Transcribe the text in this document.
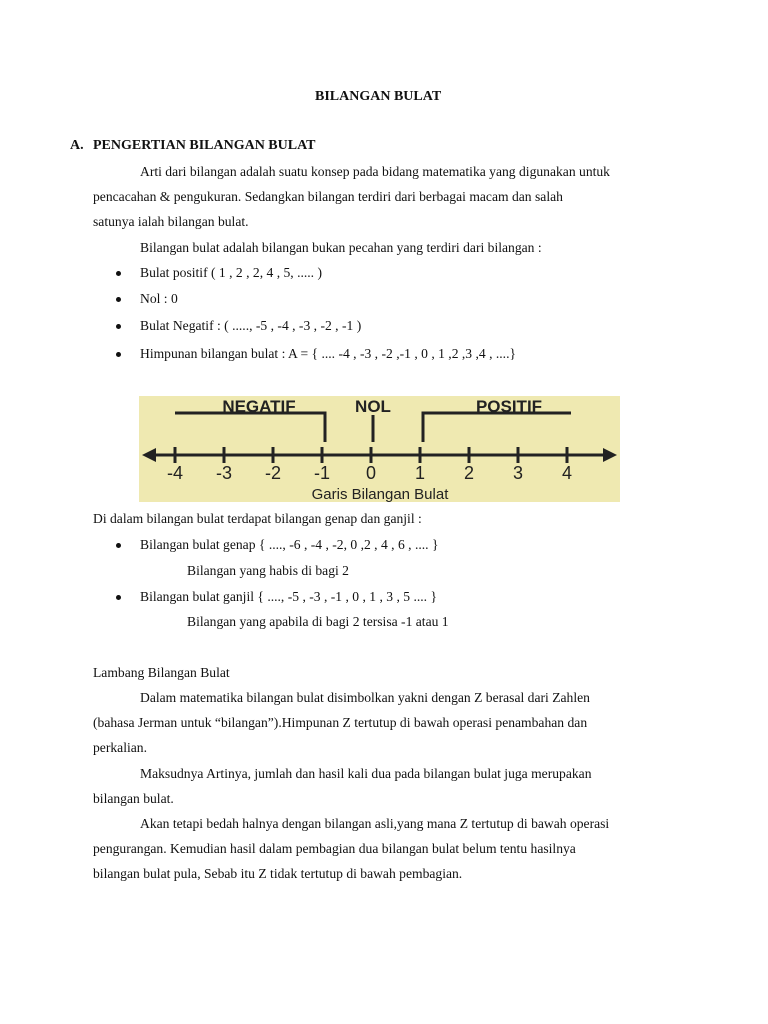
BILANGAN BULAT
A. PENGERTIAN BILANGAN BULAT
Arti dari bilangan adalah suatu konsep pada bidang matematika yang digunakan untuk
pencacahan & pengukuran. Sedangkan bilangan terdiri dari berbagai macam dan salah
satunya ialah bilangan bulat.
Bilangan bulat adalah bilangan bukan pecahan yang terdiri dari bilangan :
Bulat positif ( 1 , 2 , 2, 4 , 5, ..... )
Nol : 0
Bulat Negatif : ( ....., -5 , -4 , -3 , -2 , -1 )
Himpunan bilangan bulat : A = { .... -4 , -3 , -2 ,-1 , 0 , 1 ,2 ,3 ,4 , ....}
NEGATIF	NOL	POSITIF
-4 -3 -2 -1 0 1 2 3 4
Garis Bilangan Bulat
Di dalam bilangan bulat terdapat bilangan genap dan ganjil :
Bilangan bulat genap { ...., -6 , -4 , -2, 0 ,2 , 4 , 6 , .... }
Bilangan yang habis di bagi 2
Bilangan bulat ganjil { ...., -5 , -3 , -1 , 0 , 1 , 3 , 5 .... }
Bilangan yang apabila di bagi 2 tersisa -1 atau 1
Lambang Bilangan Bulat
Dalam matematika bilangan bulat disimbolkan yakni dengan Z berasal dari Zahlen
(bahasa Jerman untuk “bilangan”).Himpunan Z tertutup di bawah operasi penambahan dan
perkalian.
Maksudnya Artinya, jumlah dan hasil kali dua pada bilangan bulat juga merupakan
bilangan bulat.
Akan tetapi bedah halnya dengan bilangan asli,yang mana Z tertutup di bawah operasi
pengurangan. Kemudian hasil dalam pembagian dua bilangan bulat belum tentu hasilnya
bilangan bulat pula, Sebab itu Z tidak tertutup di bawah pembagian.
